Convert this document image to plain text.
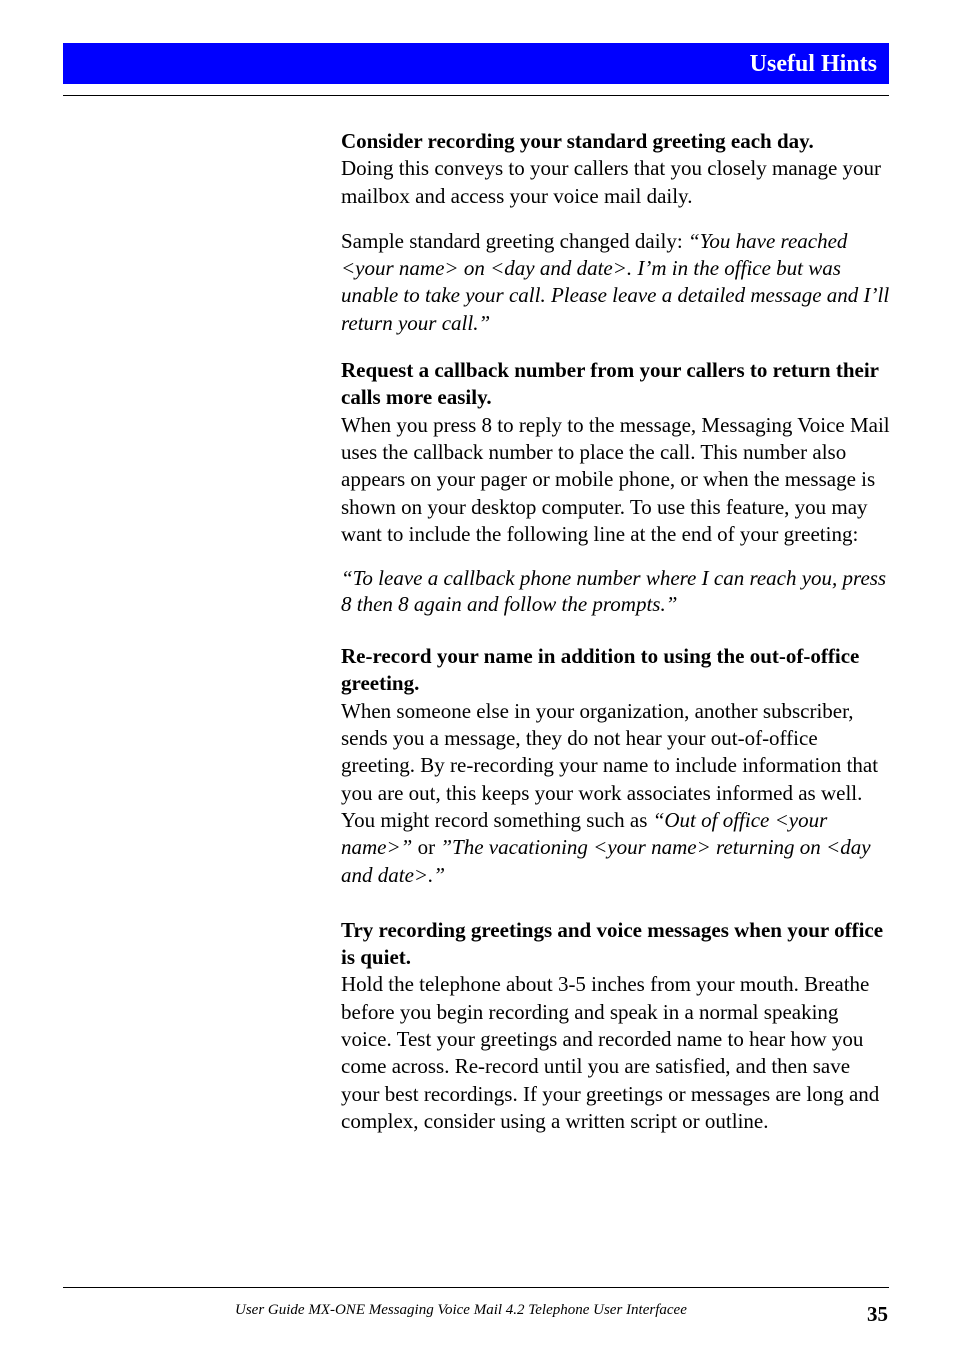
Useful Hints

Consider recording your standard greeting each day.

Doing this conveys to your callers that you closely manage your mailbox and access your voice mail daily.

Sample standard greeting changed daily: “You have reached <your name> on <day and date>. I’m in the office but was unable to take your call. Please leave a detailed message and I’ll return your call.”

Request a callback number from your callers to return their calls more easily.

When you press 8 to reply to the message, Messaging Voice Mail uses the callback number to place the call. This number also appears on your pager or mobile phone, or when the message is shown on your desktop computer. To use this feature, you may want to include the following line at the end of your greeting:

“To leave a callback phone number where I can reach you, press 8 then 8 again and follow the prompts.”

Re-record your name in addition to using the out-of-office greeting.

When someone else in your organization, another subscriber, sends you a message, they do not hear your out-of-office greeting. By re-recording your name to include information that you are out, this keeps your work associates informed as well. You might record something such as “Out of office <your name>” or ”The vacationing <your name> returning on <day and date>.”

Try recording greetings and voice messages when your office is quiet.

Hold the telephone about 3-5 inches from your mouth. Breathe before you begin recording and speak in a normal speaking voice. Test your greetings and recorded name to hear how you come across. Re-record until you are satisfied, and then save your best recordings. If your greetings or messages are long and complex, consider using a written script or outline.

User Guide MX-ONE Messaging Voice Mail 4.2 Telephone User Interfacee	35
